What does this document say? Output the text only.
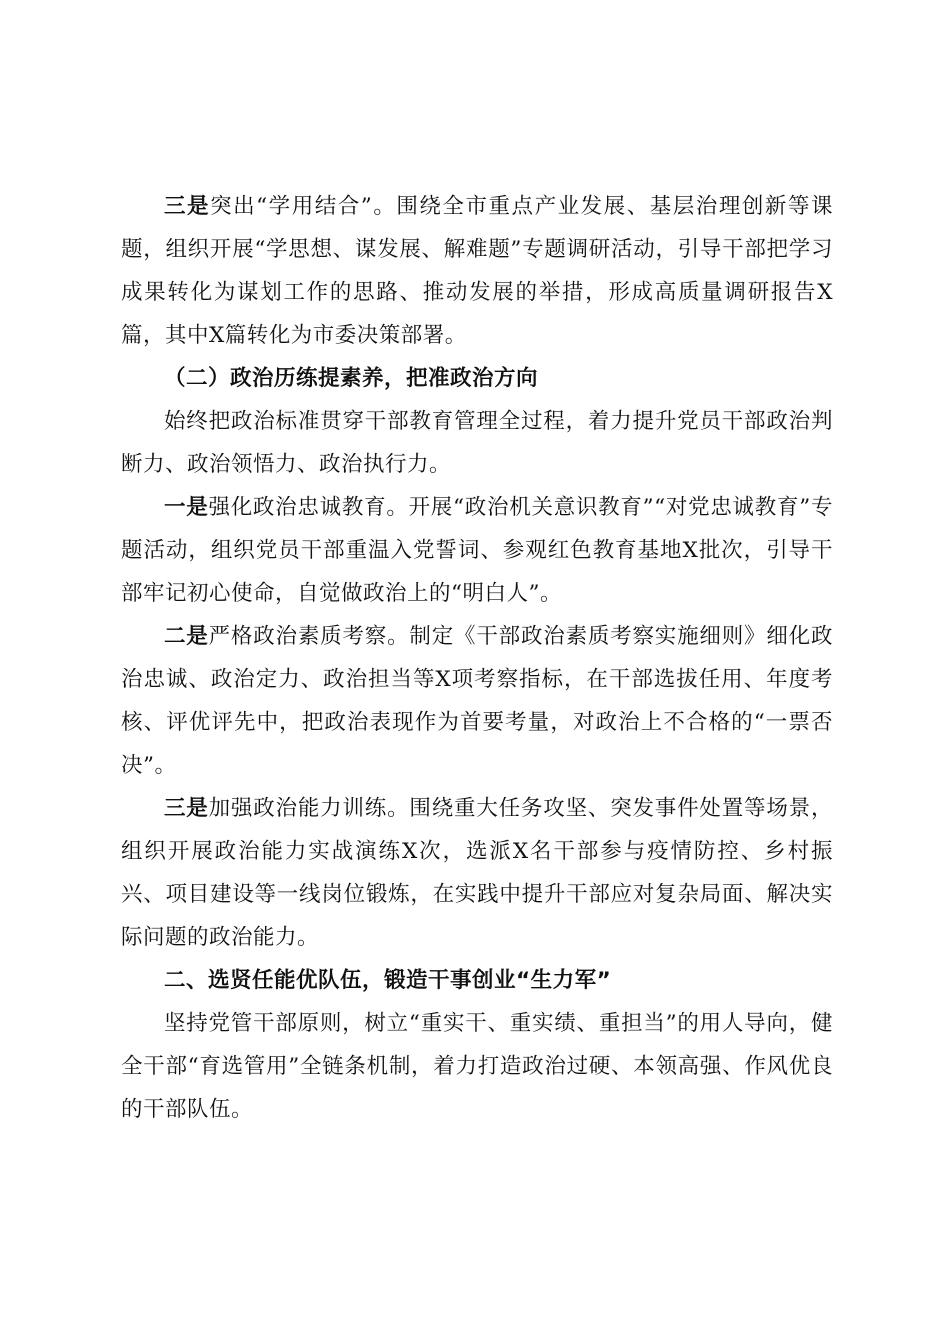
三是突出“学用结合”。围绕全市重点产业发展、基层治理创新等课题，组织开展“学思想、谋发展、解难题”专题调研活动，引导干部把学习成果转化为谋划工作的思路、推动发展的举措，形成高质量调研报告X篇，其中X篇转化为市委决策部署。

（二）政治历练提素养，把准政治方向

始终把政治标准贯穿干部教育管理全过程，着力提升党员干部政治判断力、政治领悟力、政治执行力。

一是强化政治忠诚教育。开展“政治机关意识教育”“对党忠诚教育”专题活动，组织党员干部重温入党誓词、参观红色教育基地X批次，引导干部牢记初心使命，自觉做政治上的“明白人”。

二是严格政治素质考察。制定《干部政治素质考察实施细则》细化政治忠诚、政治定力、政治担当等X项考察指标，在干部选拔任用、年度考核、评优评先中，把政治表现作为首要考量，对政治上不合格的“一票否决”。

三是加强政治能力训练。围绕重大任务攻坚、突发事件处置等场景，组织开展政治能力实战演练X次，选派X名干部参与疫情防控、乡村振兴、项目建设等一线岗位锻炼，在实践中提升干部应对复杂局面、解决实际问题的政治能力。

二、选贤任能优队伍，锻造干事创业“生力军”

坚持党管干部原则，树立“重实干、重实绩、重担当”的用人导向，健全干部“育选管用”全链条机制，着力打造政治过硬、本领高强、作风优良的干部队伍。
